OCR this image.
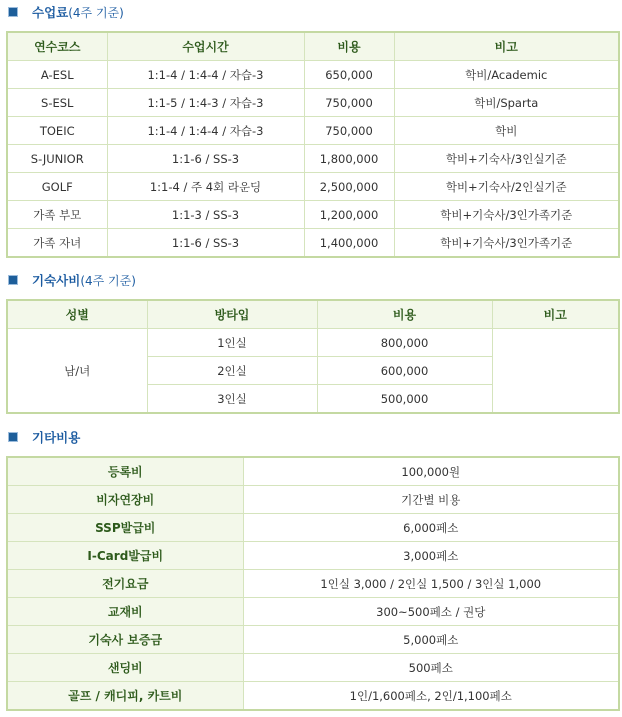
수업료 (4주 기준)
연수코스	수업시간	비용	비고
A-ESL	1:1-4 / 1:4-4 / 자습-3	650,000	학비/Academic
S-ESL	1:1-5 / 1:4-3 / 자습-3	750,000	학비/Sparta
TOEIC	1:1-4 / 1:4-4 / 자습-3	750,000	학비
S-JUNIOR	1:1-6 / SS-3	1,800,000	학비+기숙사/3인실기준
GOLF	1:1-4 / 주 4회 라운딩	2,500,000	학비+기숙사/2인실기준
가족 부모	1:1-3 / SS-3	1,200,000	학비+기숙사/3인가족기준
가족 자녀	1:1-6 / SS-3	1,400,000	학비+기숙사/3인가족기준
기숙사비 (4주 기준)
성별	방타입	비용	비고
남/녀	1인실	800,000	
	2인실	600,000	
	3인실	500,000	
기타비용
등록비	100,000원
비자연장비	기간별 비용
SSP발급비	6,000페소
I-Card발급비	3,000페소
전기요금	1인실 3,000 / 2인실 1,500 / 3인실 1,000
교재비	300~500페소 / 권당
기숙사 보증금	5,000페소
샌딩비	500페소
골프 / 캐디피, 카트비	1인/1,600페소, 2인/1,100페소
